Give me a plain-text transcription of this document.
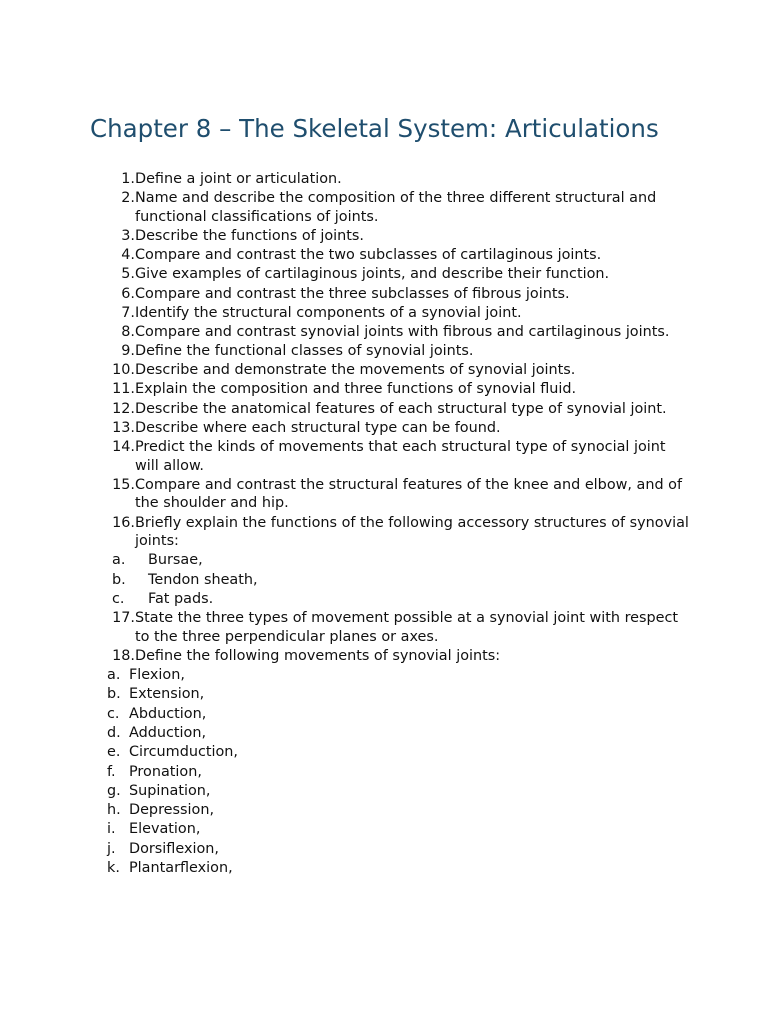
Chapter 8 – The Skeletal System: Articulations
1. Define a joint or articulation.
2. Name and describe the composition of the three different structural and functional classifications of joints.
3. Describe the functions of joints.
4. Compare and contrast the two subclasses of cartilaginous joints.
5. Give examples of cartilaginous joints, and describe their function.
6. Compare and contrast the three subclasses of fibrous joints.
7. Identify the structural components of a synovial joint.
8. Compare and contrast synovial joints with fibrous and cartilaginous joints.
9. Define the functional classes of synovial joints.
10. Describe and demonstrate the movements of synovial joints.
11. Explain the composition and three functions of synovial fluid.
12. Describe the anatomical features of each structural type of synovial joint.
13. Describe where each structural type can be found.
14. Predict the kinds of movements that each structural type of synocial joint will allow.
15. Compare and contrast the structural features of the knee and elbow, and of the shoulder and hip.
16. Briefly explain the functions of the following accessory structures of synovial joints:
a.	Bursae,
b.	Tendon sheath,
c.	Fat pads.
17. State the three types of movement possible at a synovial joint with respect to the three perpendicular planes or axes.
18. Define the following movements of synovial joints:
a. Flexion,
b. Extension,
c. Abduction,
d. Adduction,
e. Circumduction,
f. Pronation,
g. Supination,
h. Depression,
i. Elevation,
j. Dorsiflexion,
k. Plantarflexion,
